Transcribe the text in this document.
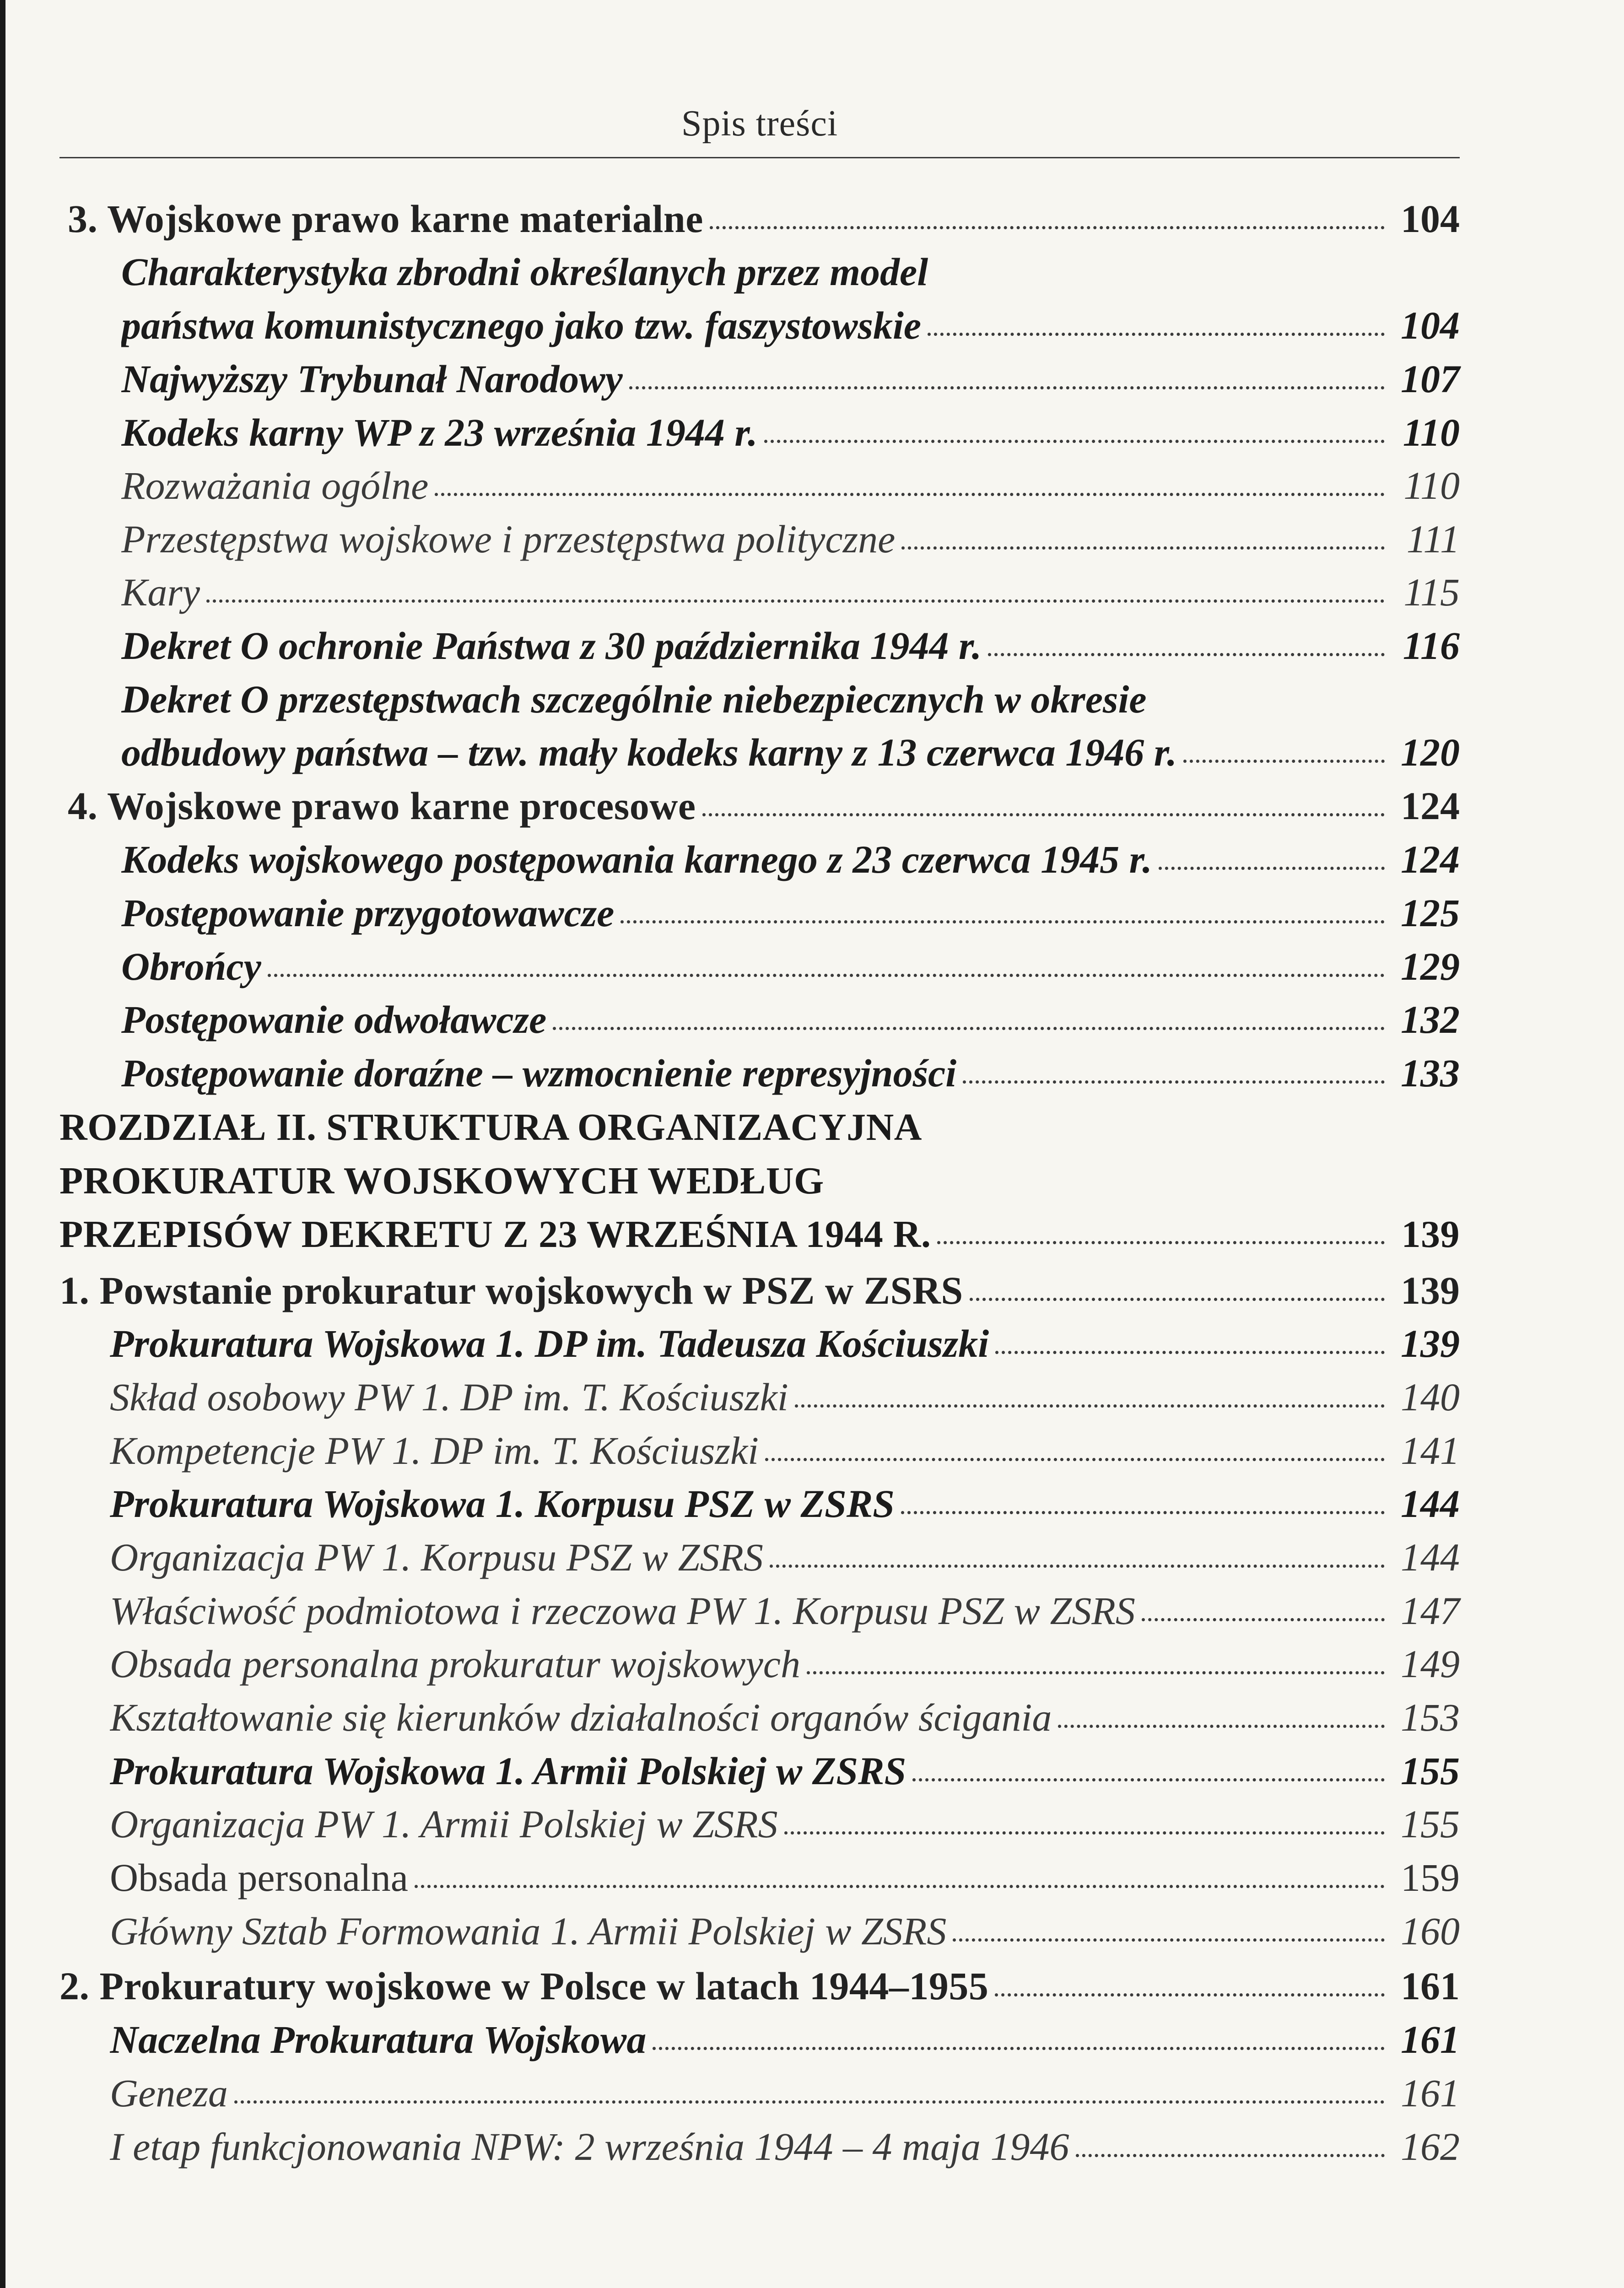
Spis treści
3. Wojskowe prawo karne materialne	104
Charakterystyka zbrodni określanych przez model
państwa komunistycznego jako tzw. faszystowskie	104
Najwyższy Trybunał Narodowy	107
Kodeks karny WP z 23 września 1944 r.	110
Rozważania ogólne	110
Przestępstwa wojskowe i przestępstwa polityczne	111
Kary	115
Dekret O ochronie Państwa z 30 października 1944 r.	116
Dekret O przestępstwach szczególnie niebezpiecznych w okresie
odbudowy państwa – tzw. mały kodeks karny z 13 czerwca 1946 r.	120
4. Wojskowe prawo karne procesowe	124
Kodeks wojskowego postępowania karnego z 23 czerwca 1945 r.	124
Postępowanie przygotowawcze	125
Obrońcy	129
Postępowanie odwoławcze	132
Postępowanie doraźne – wzmocnienie represyjności	133
ROZDZIAŁ II. STRUKTURA ORGANIZACYJNA
PROKURATUR WOJSKOWYCH WEDŁUG
PRZEPISÓW DEKRETU Z 23 WRZEŚNIA 1944 R.	139
1. Powstanie prokuratur wojskowych w PSZ w ZSRS	139
Prokuratura Wojskowa 1. DP im. Tadeusza Kościuszki	139
Skład osobowy PW 1. DP im. T. Kościuszki	140
Kompetencje PW 1. DP im. T. Kościuszki	141
Prokuratura Wojskowa 1. Korpusu PSZ w ZSRS	144
Organizacja PW 1. Korpusu PSZ w ZSRS	144
Właściwość podmiotowa i rzeczowa PW 1. Korpusu PSZ w ZSRS	147
Obsada personalna prokuratur wojskowych	149
Kształtowanie się kierunków działalności organów ścigania	153
Prokuratura Wojskowa 1. Armii Polskiej w ZSRS	155
Organizacja PW 1. Armii Polskiej w ZSRS	155
Obsada personalna	159
Główny Sztab Formowania 1. Armii Polskiej w ZSRS	160
2. Prokuratury wojskowe w Polsce w latach 1944–1955	161
Naczelna Prokuratura Wojskowa	161
Geneza	161
I etap funkcjonowania NPW: 2 września 1944 – 4 maja 1946	162
